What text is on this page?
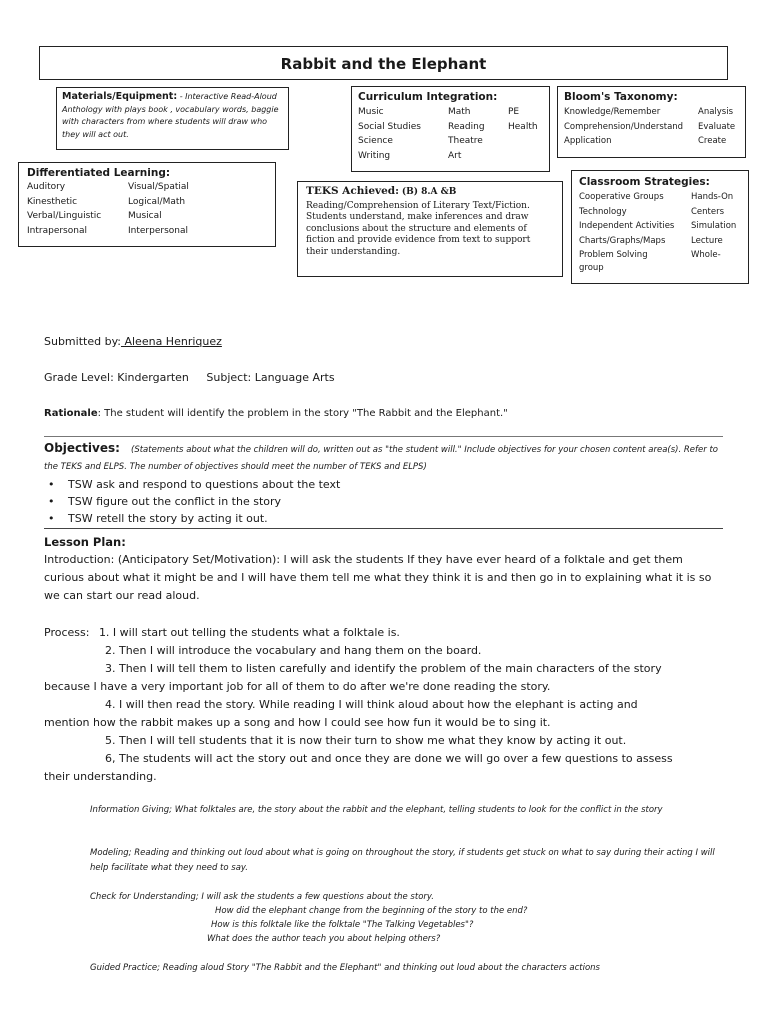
Rabbit and the Elephant
Materials/Equipment: - Interactive Read-Aloud Anthology with plays book , vocabulary words, baggie with characters from where students will draw who they will act out.
Curriculum Integration:
Music	Math	PE
Social Studies	Reading	Health
Science	Theatre
Writing	Art
Bloom's Taxonomy:
Knowledge/Remember	Analysis
Comprehension/Understand	Evaluate
Application	Create
Differentiated Learning:
Auditory	Visual/Spatial
Kinesthetic	Logical/Math
Verbal/Linguistic	Musical
Intrapersonal	Interpersonal
TEKS Achieved: (B) 8.A &B
Reading/Comprehension of Literary Text/Fiction. Students understand, make inferences and draw conclusions about the structure and elements of fiction and provide evidence from text to support their understanding.
Classroom Strategies:
Cooperative Groups	Hands-On
Technology	Centers
Independent Activities	Simulation
Charts/Graphs/Maps	Lecture
Problem Solving	Whole-
group
Submitted by: Aleena Henriquez
Grade Level: Kindergarten Subject: Language Arts
Rationale: The student will identify the problem in the story "The Rabbit and the Elephant."
Objectives: (Statements about what the children will do, written out as "the student will." Include objectives for your chosen content area(s). Refer to the TEKS and ELPS. The number of objectives should meet the number of TEKS and ELPS)
• TSW ask and respond to questions about the text
• TSW figure out the conflict in the story
• TSW retell the story by acting it out.
Lesson Plan:
Introduction: (Anticipatory Set/Motivation): I will ask the students If they have ever heard of a folktale and get them curious about what it might be and I will have them tell me what they think it is and then go in to explaining what it is so we can start our read aloud.
Process: 1. I will start out telling the students what a folktale is.
2. Then I will introduce the vocabulary and hang them on the board.
3. Then I will tell them to listen carefully and identify the problem of the main characters of the story
because I have a very important job for all of them to do after we're done reading the story.
4. I will then read the story. While reading I will think aloud about how the elephant is acting and
mention how the rabbit makes up a song and how I could see how fun it would be to sing it.
5. Then I will tell students that it is now their turn to show me what they know by acting it out.
6, The students will act the story out and once they are done we will go over a few questions to assess
their understanding.
Information Giving; What folktales are, the story about the rabbit and the elephant, telling students to look for the conflict in the story
Modeling; Reading and thinking out loud about what is going on throughout the story, if students get stuck on what to say during their acting I will help facilitate what they need to say.
Check for Understanding; I will ask the students a few questions about the story.
How did the elephant change from the beginning of the story to the end?
How is this folktale like the folktale "The Talking Vegetables"?
What does the author teach you about helping others?
Guided Practice; Reading aloud Story "The Rabbit and the Elephant" and thinking out loud about the characters actions
